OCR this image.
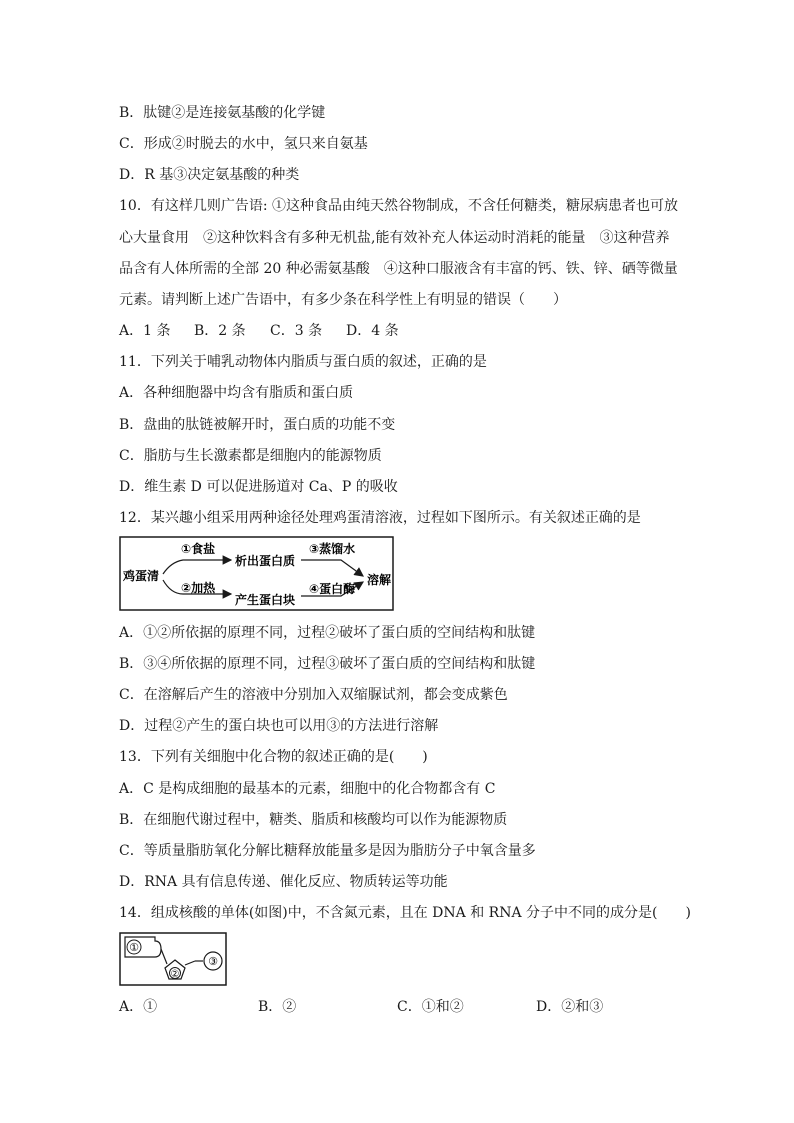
B．肽键②是连接氨基酸的化学键
C．形成②时脱去的水中，氢只来自氨基
D．R 基③决定氨基酸的种类
10．有这样几则广告语: ①这种食品由纯天然谷物制成，不含任何糖类，糖尿病患者也可放
心大量食用　②这种饮料含有多种无机盐,能有效补充人体运动时消耗的能量　③这种营养
品含有人体所需的全部 20 种必需氨基酸　④这种口服液含有丰富的钙、铁、锌、硒等微量
元素。请判断上述广告语中，有多少条在科学性上有明显的错误（　　）
A．1 条 B．2 条 C．3 条 D．4 条
11．下列关于哺乳动物体内脂质与蛋白质的叙述，正确的是
A．各种细胞器中均含有脂质和蛋白质
B．盘曲的肽链被解开时，蛋白质的功能不变
C．脂肪与生长激素都是细胞内的能源物质
D．维生素 D 可以促进肠道对 Ca、P 的吸收
12．某兴趣小组采用两种途径处理鸡蛋清溶液，过程如下图所示。有关叙述正确的是
鸡蛋清
①食盐
析出蛋白质
③蒸馏水
②加热
产生蛋白块
④蛋白酶
溶解
A．①②所依据的原理不同，过程②破坏了蛋白质的空间结构和肽键
B．③④所依据的原理不同，过程③破坏了蛋白质的空间结构和肽键
C．在溶解后产生的溶液中分别加入双缩脲试剂，都会变成紫色
D．过程②产生的蛋白块也可以用③的方法进行溶解
13．下列有关细胞中化合物的叙述正确的是(　　)
A．C 是构成细胞的最基本的元素，细胞中的化合物都含有 C
B．在细胞代谢过程中，糖类、脂质和核酸均可以作为能源物质
C．等质量脂肪氧化分解比糖释放能量多是因为脂肪分子中氧含量多
D．RNA 具有信息传递、催化反应、物质转运等功能
14．组成核酸的单体(如图)中，不含氮元素，且在 DNA 和 RNA 分子中不同的成分是(　　)
①
②
③
A．①	B．②	C．①和②	D．②和③
